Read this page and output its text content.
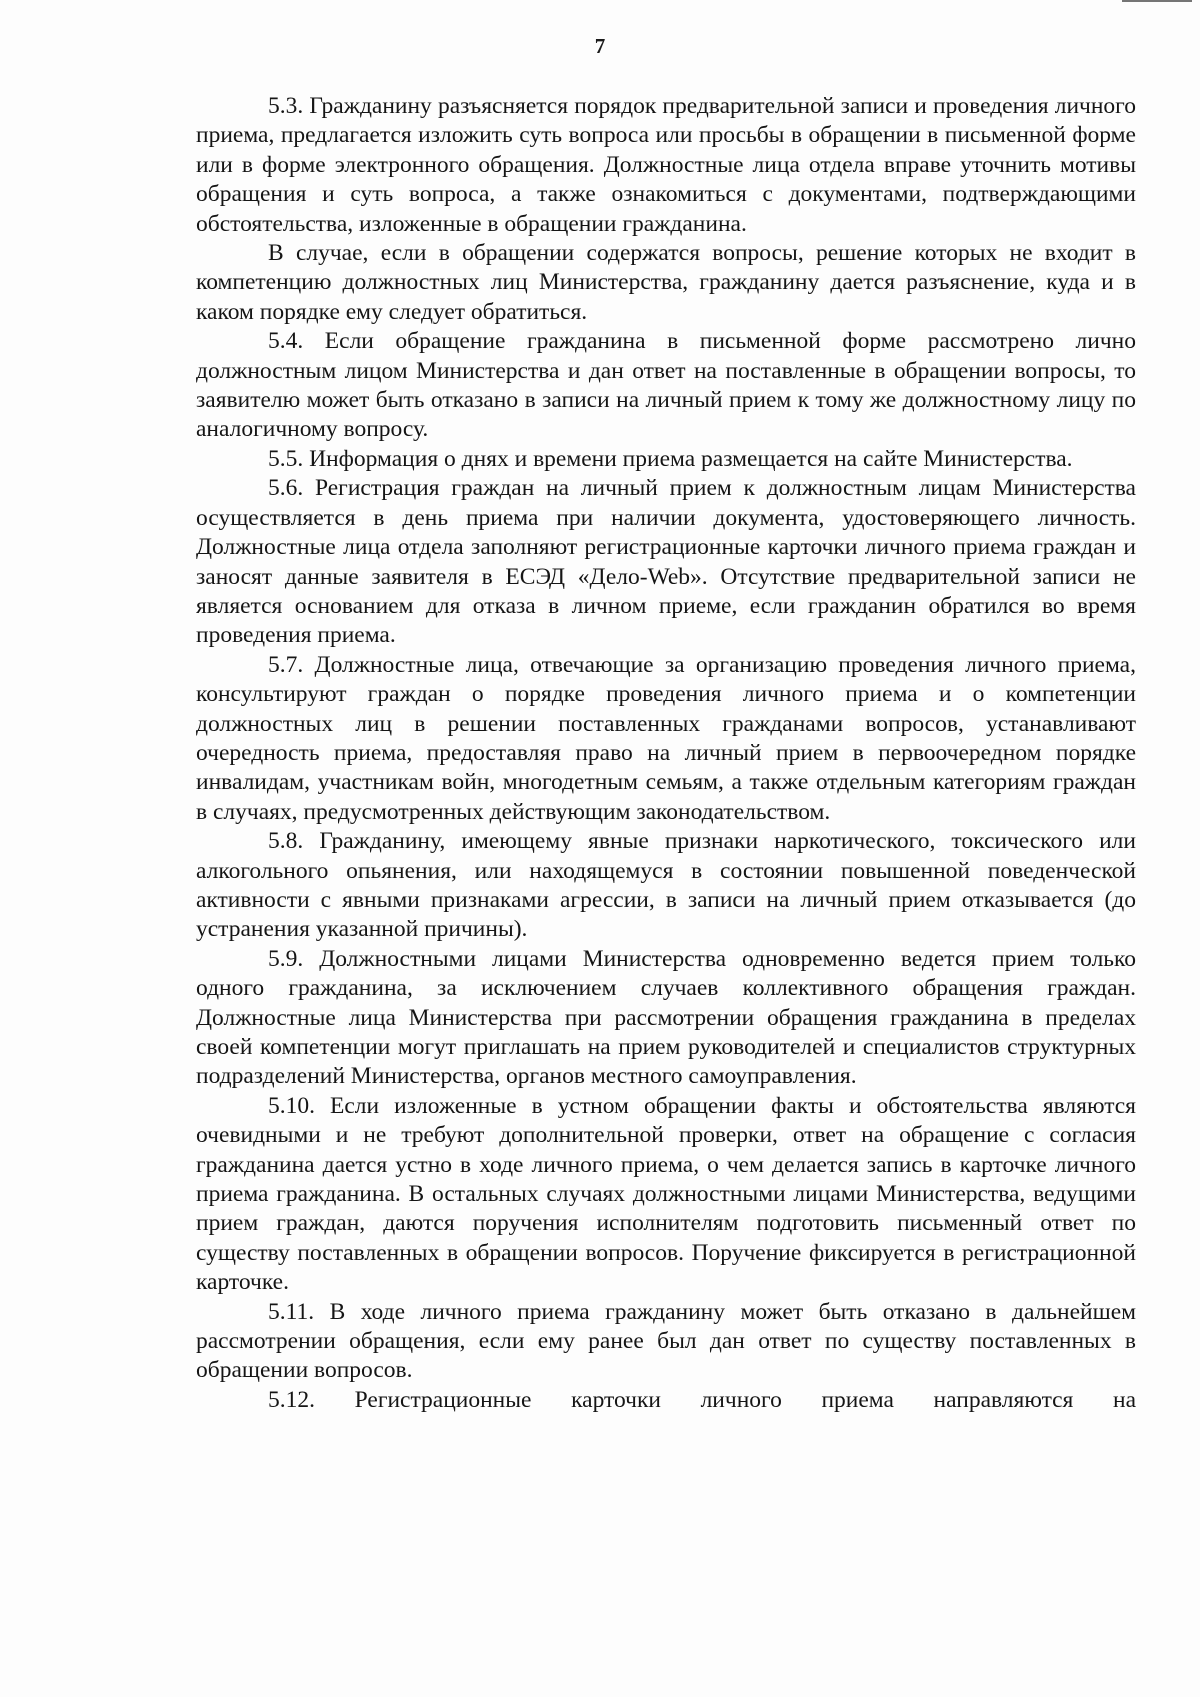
7

5.3. Гражданину разъясняется порядок предварительной записи и проведения личного приема, предлагается изложить суть вопроса или просьбы в обращении в письменной форме или в форме электронного обращения. Должностные лица отдела вправе уточнить мотивы обращения и суть вопроса, а также ознакомиться с документами, подтверждающими обстоятельства, изложенные в обращении гражданина.

В случае, если в обращении содержатся вопросы, решение которых не входит в компетенцию должностных лиц Министерства, гражданину дается разъяснение, куда и в каком порядке ему следует обратиться.

5.4. Если обращение гражданина в письменной форме рассмотрено лично должностным лицом Министерства и дан ответ на поставленные в обращении вопросы, то заявителю может быть отказано в записи на личный прием к тому же должностному лицу по аналогичному вопросу.

5.5. Информация о днях и времени приема размещается на сайте Министерства.

5.6. Регистрация граждан на личный прием к должностным лицам Министерства осуществляется в день приема при наличии документа, удостоверяющего личность. Должностные лица отдела заполняют регистрационные карточки личного приема граждан и заносят данные заявителя в ЕСЭД «Дело-Web». Отсутствие предварительной записи не является основанием для отказа в личном приеме, если гражданин обратился во время проведения приема.

5.7. Должностные лица, отвечающие за организацию проведения личного приема, консультируют граждан о порядке проведения личного приема и о компетенции должностных лиц в решении поставленных гражданами вопросов, устанавливают очередность приема, предоставляя право на личный прием в первоочередном порядке инвалидам, участникам войн, многодетным семьям, а также отдельным категориям граждан в случаях, предусмотренных действующим законодательством.

5.8. Гражданину, имеющему явные признаки наркотического, токсического или алкогольного опьянения, или находящемуся в состоянии повышенной поведенческой активности с явными признаками агрессии, в записи на личный прием отказывается (до устранения указанной причины).

5.9. Должностными лицами Министерства одновременно ведется прием только одного гражданина, за исключением случаев коллективного обращения граждан. Должностные лица Министерства при рассмотрении обращения гражданина в пределах своей компетенции могут приглашать на прием руководителей и специалистов структурных подразделений Министерства, органов местного самоуправления.

5.10. Если изложенные в устном обращении факты и обстоятельства являются очевидными и не требуют дополнительной проверки, ответ на обращение с согласия гражданина дается устно в ходе личного приема, о чем делается запись в карточке личного приема гражданина. В остальных случаях должностными лицами Министерства, ведущими прием граждан, даются поручения исполнителям подготовить письменный ответ по существу поставленных в обращении вопросов. Поручение фиксируется в регистрационной карточке.

5.11. В ходе личного приема гражданину может быть отказано в дальнейшем рассмотрении обращения, если ему ранее был дан ответ по существу поставленных в обращении вопросов.

5.12. Регистрационные карточки личного приема направляются на
